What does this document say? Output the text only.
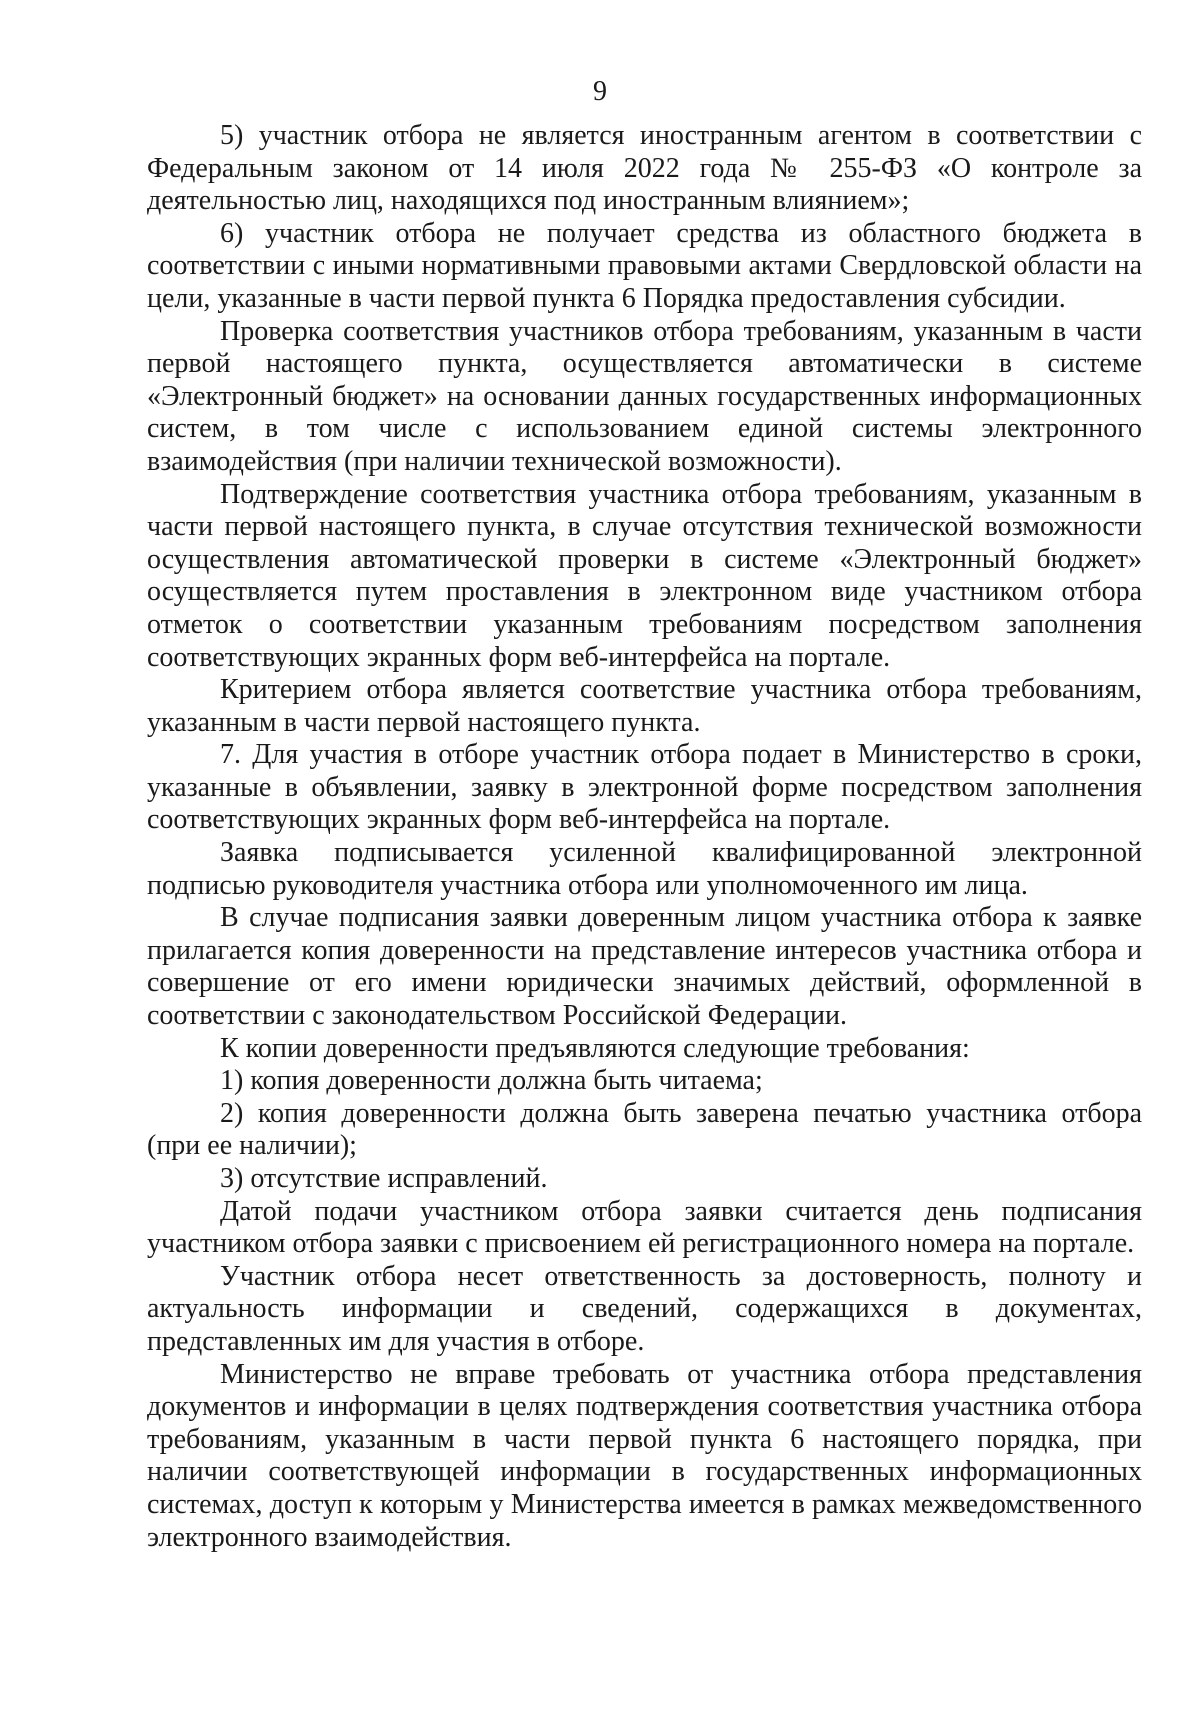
9

5) участник отбора не является иностранным агентом в соответствии с Федеральным законом от 14 июля 2022 года № 255-ФЗ «О контроле за деятельностью лиц, находящихся под иностранным влиянием»;

6) участник отбора не получает средства из областного бюджета в соответствии с иными нормативными правовыми актами Свердловской области на цели, указанные в части первой пункта 6 Порядка предоставления субсидии.

Проверка соответствия участников отбора требованиям, указанным в части первой настоящего пункта, осуществляется автоматически в системе «Электронный бюджет» на основании данных государственных информационных систем, в том числе с использованием единой системы электронного взаимодействия (при наличии технической возможности).

Подтверждение соответствия участника отбора требованиям, указанным в части первой настоящего пункта, в случае отсутствия технической возможности осуществления автоматической проверки в системе «Электронный бюджет» осуществляется путем проставления в электронном виде участником отбора отметок о соответствии указанным требованиям посредством заполнения соответствующих экранных форм веб-интерфейса на портале.

Критерием отбора является соответствие участника отбора требованиям, указанным в части первой настоящего пункта.

7. Для участия в отборе участник отбора подает в Министерство в сроки, указанные в объявлении, заявку в электронной форме посредством заполнения соответствующих экранных форм веб-интерфейса на портале.

Заявка подписывается усиленной квалифицированной электронной подписью руководителя участника отбора или уполномоченного им лица.

В случае подписания заявки доверенным лицом участника отбора к заявке прилагается копия доверенности на представление интересов участника отбора и совершение от его имени юридически значимых действий, оформленной в соответствии с законодательством Российской Федерации.

К копии доверенности предъявляются следующие требования:

1) копия доверенности должна быть читаема;

2) копия доверенности должна быть заверена печатью участника отбора (при ее наличии);

3) отсутствие исправлений.

Датой подачи участником отбора заявки считается день подписания участником отбора заявки с присвоением ей регистрационного номера на портале.

Участник отбора несет ответственность за достоверность, полноту и актуальность информации и сведений, содержащихся в документах, представленных им для участия в отборе.

Министерство не вправе требовать от участника отбора представления документов и информации в целях подтверждения соответствия участника отбора требованиям, указанным в части первой пункта 6 настоящего порядка, при наличии соответствующей информации в государственных информационных системах, доступ к которым у Министерства имеется в рамках межведомственного электронного взаимодействия.
